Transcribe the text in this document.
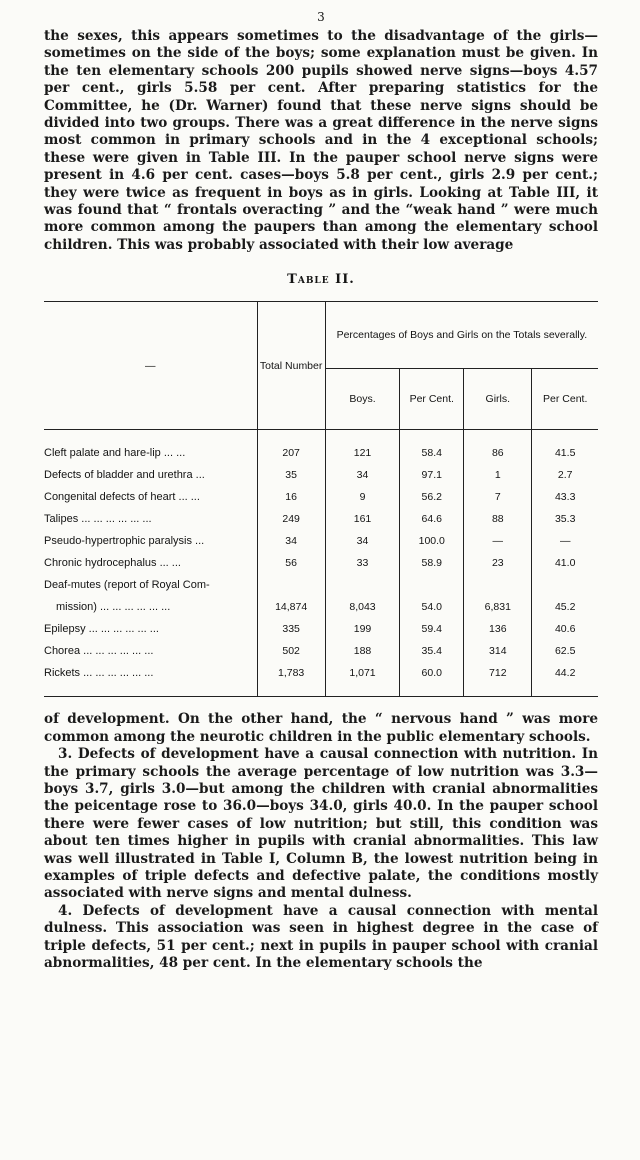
3

the sexes, this appears sometimes to the disadvantage of the girls—sometimes on the side of the boys; some explanation must be given. In the ten elementary schools 200 pupils showed nerve signs—boys 4.57 per cent., girls 5.58 per cent. After preparing statistics for the Committee, he (Dr. Warner) found that these nerve signs should be divided into two groups. There was a great difference in the nerve signs most common in primary schools and in the 4 exceptional schools; these were given in Table III. In the pauper school nerve signs were present in 4.6 per cent. cases—boys 5.8 per cent., girls 2.9 per cent.; they were twice as frequent in boys as in girls. Looking at Table III, it was found that “ frontals overacting ” and the “weak hand ” were much more common among the paupers than among the elementary school children. This was probably associated with their low average

Table II.
—	Total Number	Percentages of Boys and Girls on the Totals severally.			
		Boys.	Per Cent.	Girls.	Per Cent.
Cleft palate and hare-lip ... ...	207	121	58.4	86	41.5
Defects of bladder and urethra ...	35	34	97.1	1	2.7
Congenital defects of heart ... ...	16	9	56.2	7	43.3
Talipes ... ... ... ... ... ...	249	161	64.6	88	35.3
Pseudo-hypertrophic paralysis ...	34	34	100.0	—	—
Chronic hydrocephalus ... ...	56	33	58.9	23	41.0
Deaf-mutes (report of Royal Com-					
mission) ... ... ... ... ... ...	14,874	8,043	54.0	6,831	45.2
Epilepsy ... ... ... ... ... ...	335	199	59.4	136	40.6
Chorea ... ... ... ... ... ...	502	188	35.4	314	62.5
Rickets ... ... ... ... ... ...	1,783	1,071	60.0	712	44.2

of development. On the other hand, the “ nervous hand ” was more common among the neurotic children in the public elementary schools.

3. Defects of development have a causal connection with nutrition. In the primary schools the average percentage of low nutrition was 3.3—boys 3.7, girls 3.0—but among the children with cranial abnormalities the peicentage rose to 36.0—boys 34.0, girls 40.0. In the pauper school there were fewer cases of low nutrition; but still, this condition was about ten times higher in pupils with cranial abnormalities. This law was well illustrated in Table I, Column B, the lowest nutrition being in examples of triple defects and defective palate, the conditions mostly associated with nerve signs and mental dulness.

4. Defects of development have a causal connection with mental dulness. This association was seen in highest degree in the case of triple defects, 51 per cent.; next in pupils in pauper school with cranial abnormalities, 48 per cent. In the elementary schools the
